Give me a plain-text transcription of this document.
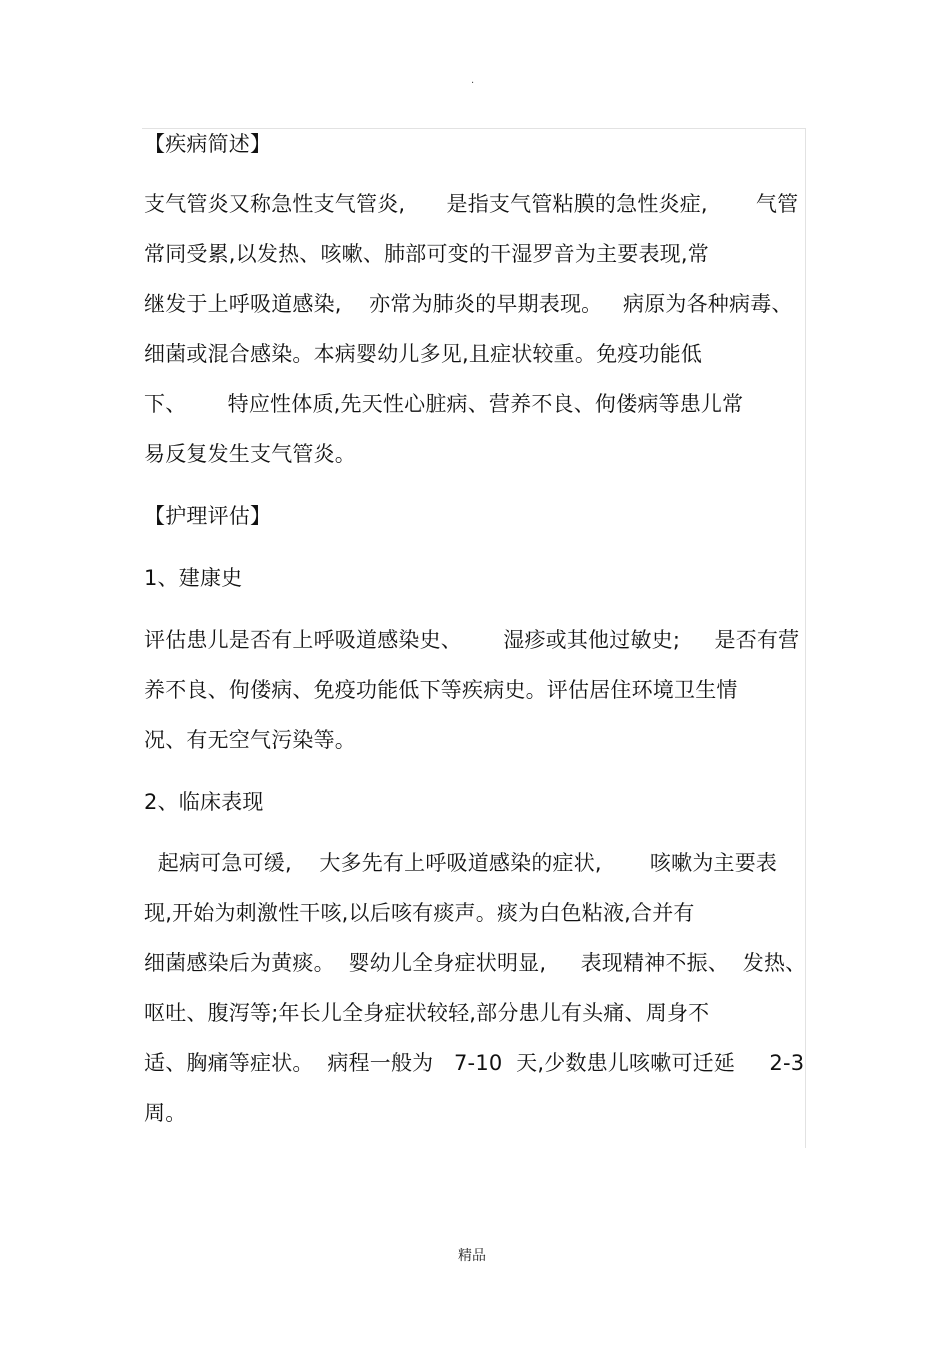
.
【疾病简述】
支气管炎又称急性支气管炎,      是指支气管粘膜的急性炎症,       气管
常同受累,以发热、咳嗽、肺部可变的干湿罗音为主要表现,常
继发于上呼吸道感染,    亦常为肺炎的早期表现。   病原为各种病毒、
细菌或混合感染。本病婴幼儿多见,且症状较重。免疫功能低
下、      特应性体质,先天性心脏病、营养不良、佝偻病等患儿常
易反复发生支气管炎。
【护理评估】
1、建康史
评估患儿是否有上呼吸道感染史、      湿疹或其他过敏史;     是否有营
养不良、佝偻病、免疫功能低下等疾病史。评估居住环境卫生情
况、有无空气污染等。
2、临床表现
起病可急可缓,    大多先有上呼吸道感染的症状,       咳嗽为主要表
现,开始为刺激性干咳,以后咳有痰声。痰为白色粘液,合并有
细菌感染后为黄痰。  婴幼儿全身症状明显,     表现精神不振、  发热、
呕吐、腹泻等;年长儿全身症状较轻,部分患儿有头痛、周身不
适、胸痛等症状。  病程一般为   7-10  天,少数患儿咳嗽可迁延     2-3
周。
精品
